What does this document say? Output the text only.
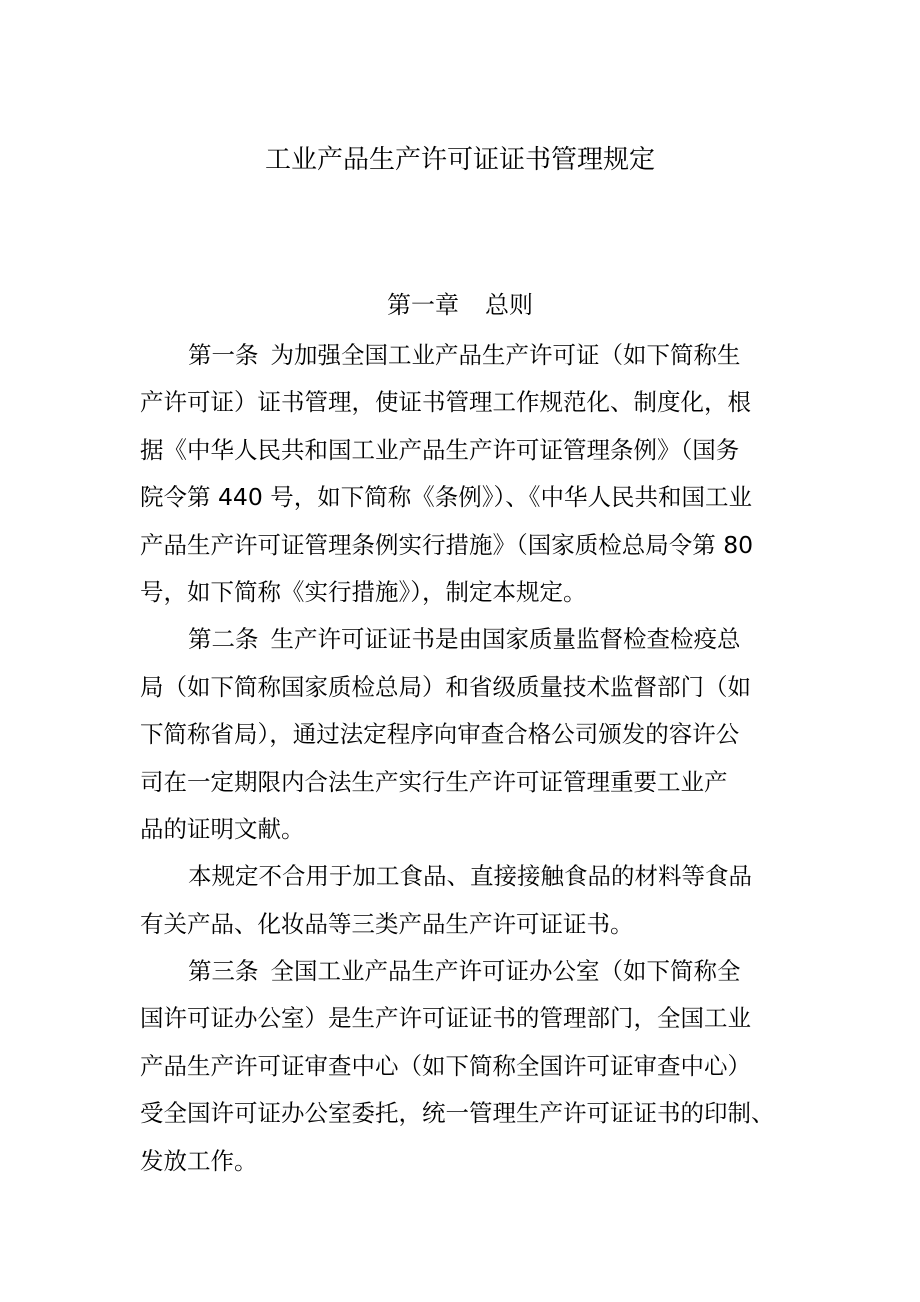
工业产品生产许可证证书管理规定
第一章 总则
第一条 为加强全国工业产品生产许可证（如下简称生
产许可证）证书管理，使证书管理工作规范化、制度化，根
据《中华人民共和国工业产品生产许可证管理条例》（国务
院令第 440 号，如下简称《条例》）、《中华人民共和国工业
产品生产许可证管理条例实行措施》（国家质检总局令第 80
号，如下简称《实行措施》），制定本规定。
第二条 生产许可证证书是由国家质量监督检查检疫总
局（如下简称国家质检总局）和省级质量技术监督部门（如
下简称省局），通过法定程序向审查合格公司颁发的容许公
司在一定期限内合法生产实行生产许可证管理重要工业产
品的证明文献。
本规定不合用于加工食品、直接接触食品的材料等食品
有关产品、化妆品等三类产品生产许可证证书。
第三条 全国工业产品生产许可证办公室（如下简称全
国许可证办公室）是生产许可证证书的管理部门，全国工业
产品生产许可证审查中心（如下简称全国许可证审查中心）
受全国许可证办公室委托，统一管理生产许可证证书的印制、
发放工作。
